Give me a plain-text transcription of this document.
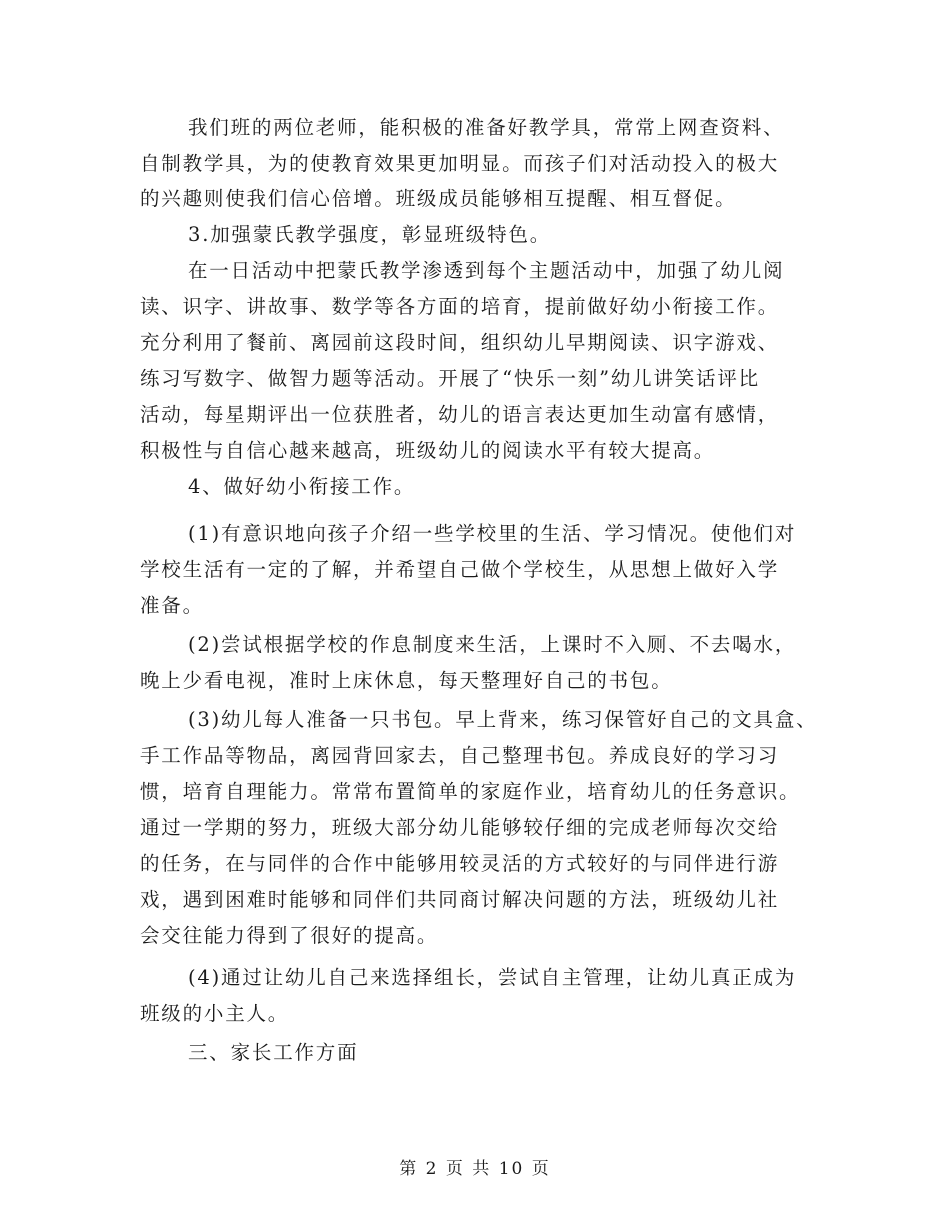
我们班的两位老师，能积极的准备好教学具，常常上网查资料、
自制教学具，为的使教育效果更加明显。而孩子们对活动投入的极大
的兴趣则使我们信心倍增。班级成员能够相互提醒、相互督促。
3.加强蒙氏教学强度，彰显班级特色。
在一日活动中把蒙氏教学渗透到每个主题活动中，加强了幼儿阅
读、识字、讲故事、数学等各方面的培育，提前做好幼小衔接工作。
充分利用了餐前、离园前这段时间，组织幼儿早期阅读、识字游戏、
练习写数字、做智力题等活动。开展了“快乐一刻”幼儿讲笑话评比
活动，每星期评出一位获胜者，幼儿的语言表达更加生动富有感情，
积极性与自信心越来越高，班级幼儿的阅读水平有较大提高。
4、做好幼小衔接工作。
(1)有意识地向孩子介绍一些学校里的生活、学习情况。使他们对
学校生活有一定的了解，并希望自己做个学校生，从思想上做好入学
准备。
(2)尝试根据学校的作息制度来生活，上课时不入厕、不去喝水，
晚上少看电视，准时上床休息，每天整理好自己的书包。
(3)幼儿每人准备一只书包。早上背来，练习保管好自己的文具盒、
手工作品等物品，离园背回家去，自己整理书包。养成良好的学习习
惯，培育自理能力。常常布置简单的家庭作业，培育幼儿的任务意识。
通过一学期的努力，班级大部分幼儿能够较仔细的完成老师每次交给
的任务，在与同伴的合作中能够用较灵活的方式较好的与同伴进行游
戏，遇到困难时能够和同伴们共同商讨解决问题的方法，班级幼儿社
会交往能力得到了很好的提高。
(4)通过让幼儿自己来选择组长，尝试自主管理，让幼儿真正成为
班级的小主人。
三、家长工作方面
第 2 页 共 10 页
